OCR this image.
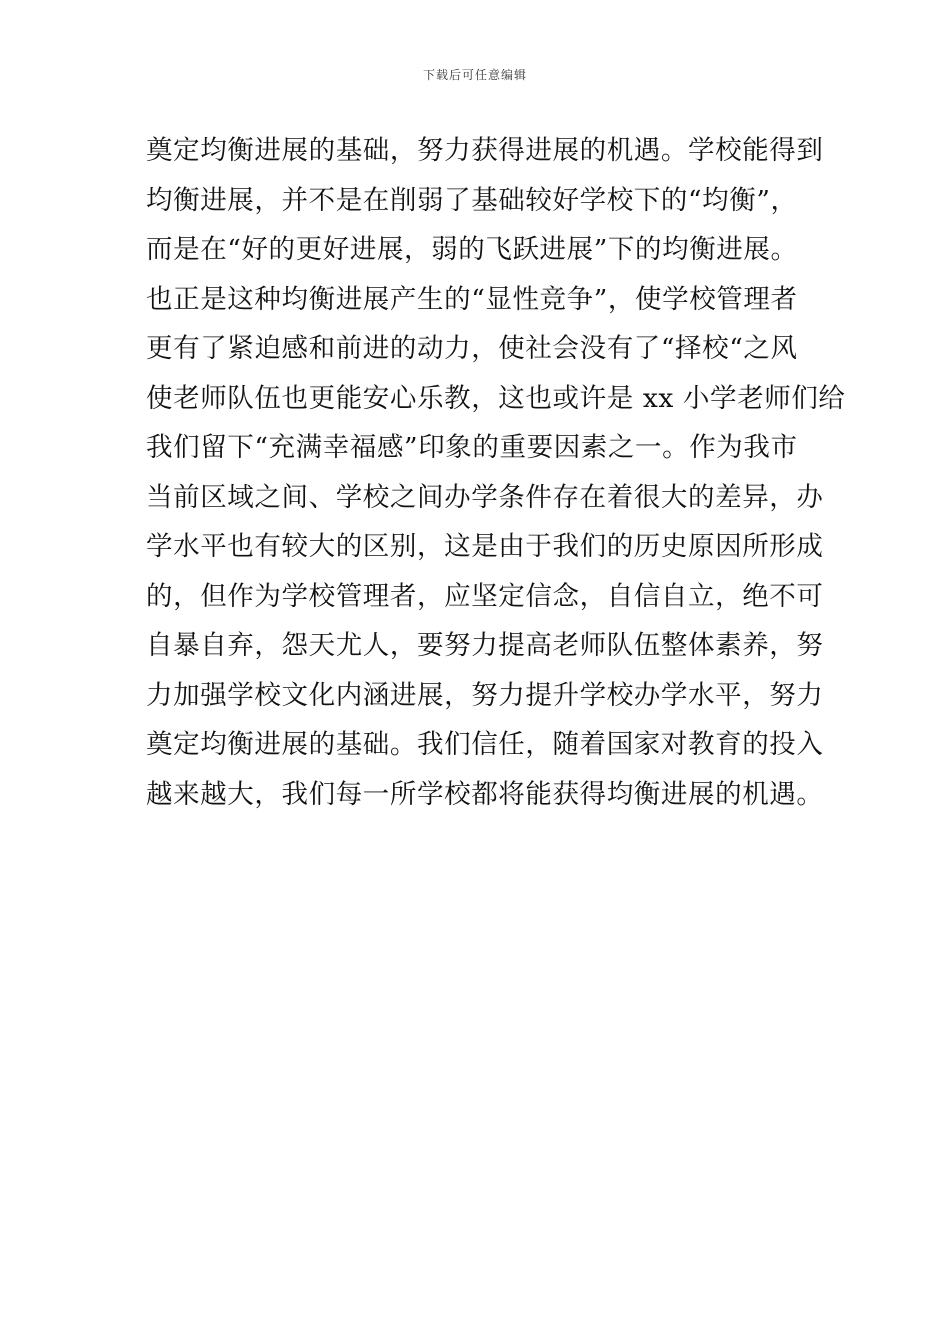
下载后可任意编辑
奠定均衡进展的基础，努力获得进展的机遇。学校能得到
均衡进展，并不是在削弱了基础较好学校下的“均衡”，
而是在“好的更好进展，弱的飞跃进展”下的均衡进展。
也正是这种均衡进展产生的“显性竞争”，使学校管理者
更有了紧迫感和前进的动力，使社会没有了“择校“之风
使老师队伍也更能安心乐教，这也或许是 xx 小学老师们给
我们留下“充满幸福感”印象的重要因素之一。作为我市
当前区域之间、学校之间办学条件存在着很大的差异，办
学水平也有较大的区别，这是由于我们的历史原因所形成
的，但作为学校管理者，应坚定信念，自信自立，绝不可
自暴自弃，怨天尤人，要努力提高老师队伍整体素养，努
力加强学校文化内涵进展，努力提升学校办学水平，努力
奠定均衡进展的基础。我们信任，随着国家对教育的投入
越来越大，我们每一所学校都将能获得均衡进展的机遇。
